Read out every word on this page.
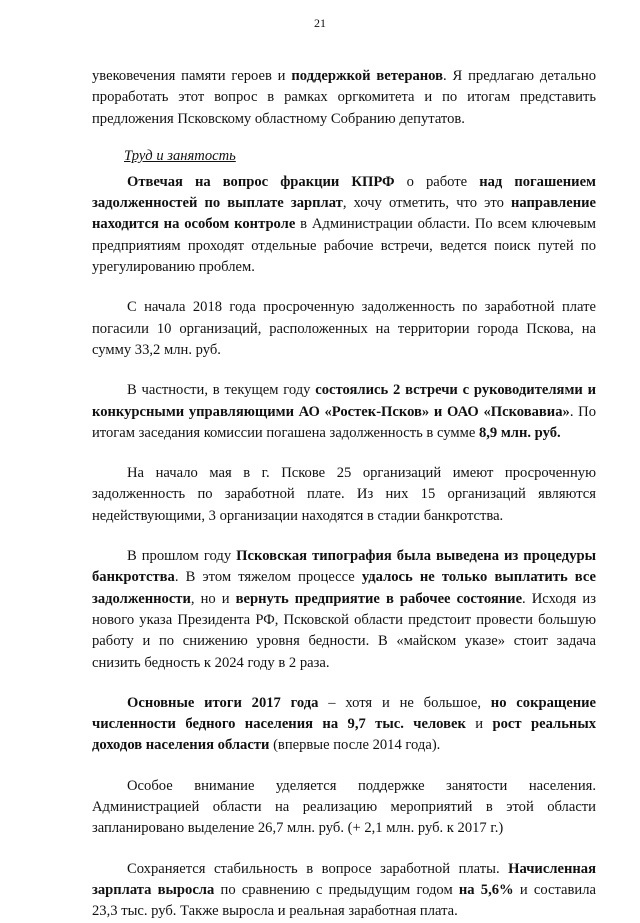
21

увековечения памяти героев и поддержкой ветеранов. Я предлагаю детально проработать этот вопрос в рамках оргкомитета и по итогам представить предложения Псковскому областному Собранию депутатов.

Труд и занятость

Отвечая на вопрос фракции КПРФ о работе над погашением задолженностей по выплате зарплат, хочу отметить, что это направление находится на особом контроле в Администрации области. По всем ключевым предприятиям проходят отдельные рабочие встречи, ведется поиск путей по урегулированию проблем.

С начала 2018 года просроченную задолженность по заработной плате погасили 10 организаций, расположенных на территории города Пскова, на сумму 33,2 млн. руб.

В частности, в текущем году состоялись 2 встречи с руководителями и конкурсными управляющими АО «Ростек-Псков» и ОАО «Псковавиа». По итогам заседания комиссии погашена задолженность в сумме 8,9 млн. руб.

На начало мая в г. Пскове 25 организаций имеют просроченную задолженность по заработной плате. Из них 15 организаций являются недействующими, 3 организации находятся в стадии банкротства.

В прошлом году Псковская типография была выведена из процедуры банкротства. В этом тяжелом процессе удалось не только выплатить все задолженности, но и вернуть предприятие в рабочее состояние. Исходя из нового указа Президента РФ, Псковской области предстоит провести большую работу и по снижению уровня бедности. В «майском указе» стоит задача снизить бедность к 2024 году в 2 раза.

Основные итоги 2017 года – хотя и не большое, но сокращение численности бедного населения на 9,7 тыс. человек и рост реальных доходов населения области (впервые после 2014 года).

Особое внимание уделяется поддержке занятости населения. Администрацией области на реализацию мероприятий в этой области запланировано выделение 26,7 млн. руб. (+ 2,1 млн. руб. к 2017 г.)

Сохраняется стабильность в вопросе заработной платы. Начисленная зарплата выросла по сравнению с предыдущим годом на 5,6% и составила 23,3 тыс. руб. Также выросла и реальная заработная плата.
